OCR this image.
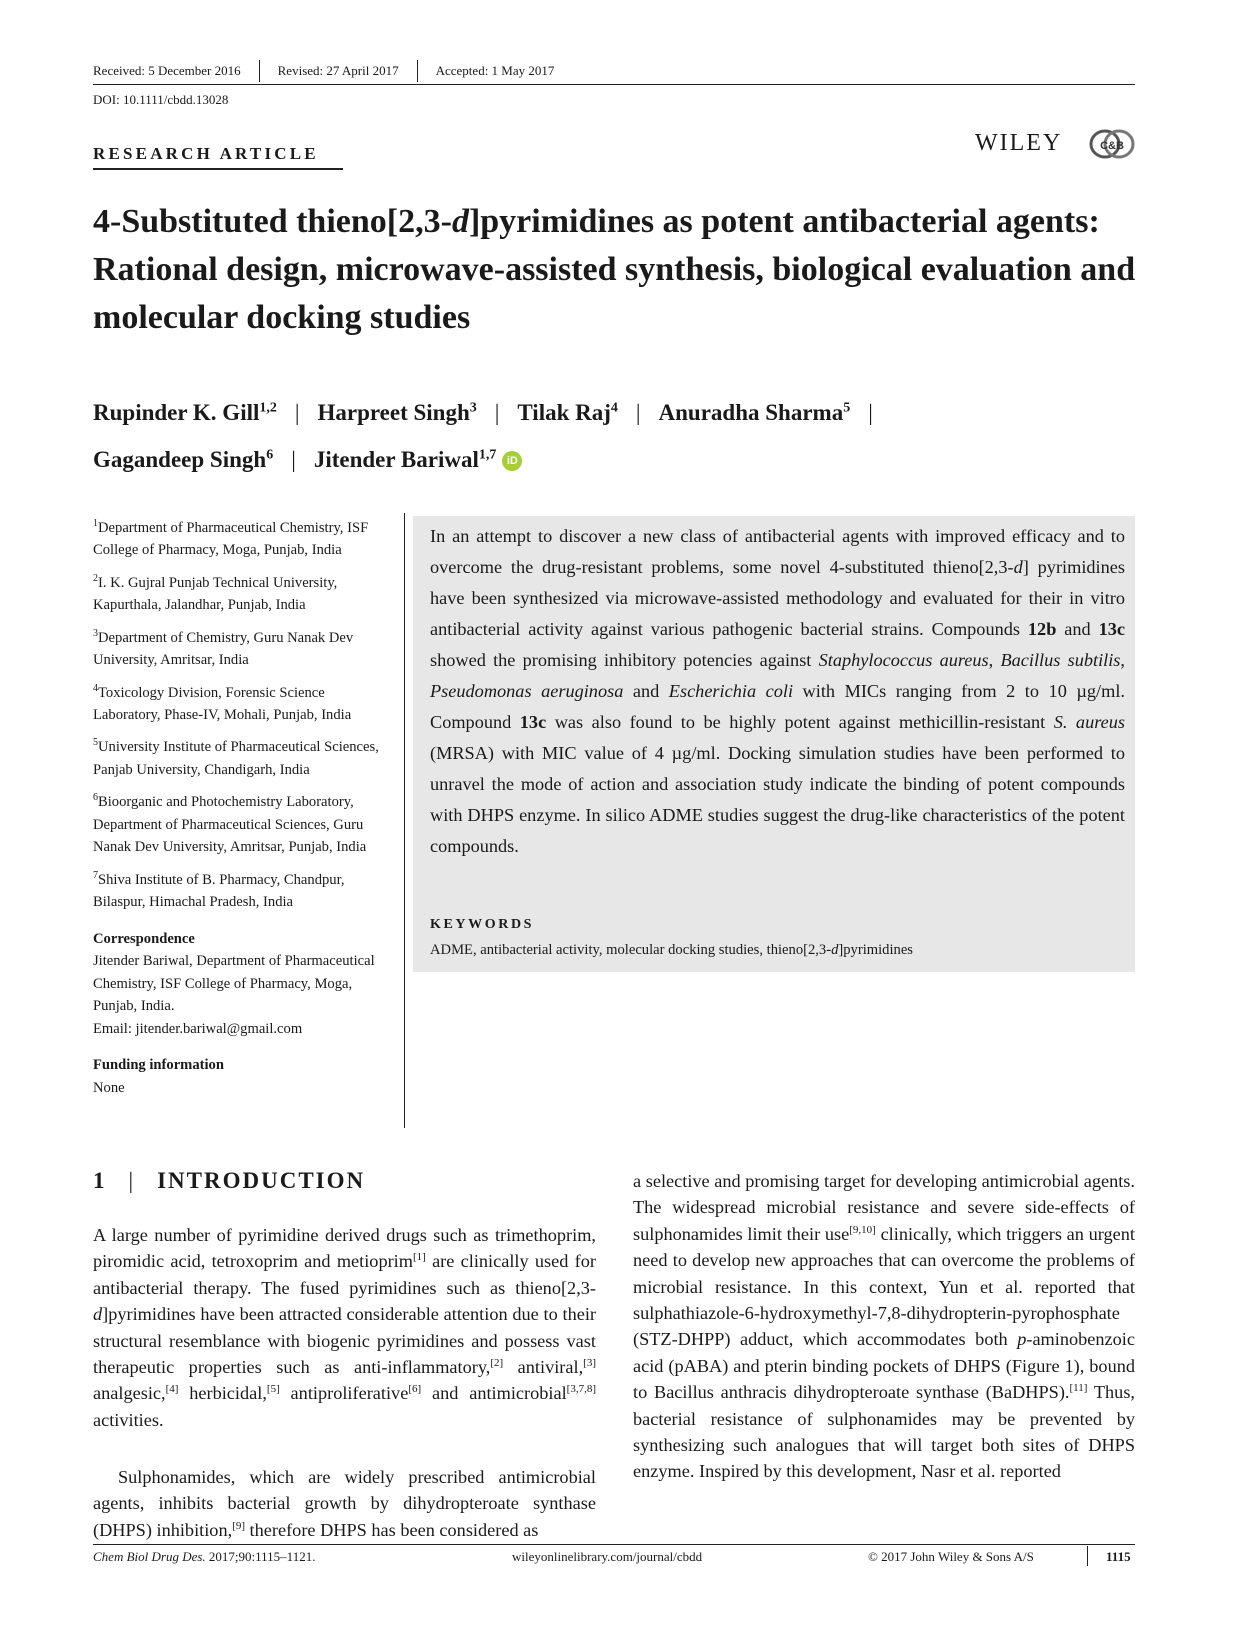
Received: 5 December 2016	Revised: 27 April 2017	Accepted: 1 May 2017
DOI: 10.1111/cbdd.13028
RESEARCH ARTICLE	WILEY	C&B
4-Substituted thieno[2,3-d]pyrimidines as potent antibacterial agents: Rational design, microwave-assisted synthesis, biological evaluation and molecular docking studies
Rupinder K. Gill$^{1,2}$ | Harpreet Singh$^3$ | Tilak Raj$^4$ | Anuradha Sharma$^5$ |
Gagandeep Singh$^6$ | Jitender Bariwal$^{1,7}$ iD
$^1$Department of Pharmaceutical Chemistry, ISF College of Pharmacy, Moga, Punjab, India
$^2$I. K. Gujral Punjab Technical University, Kapurthala, Jalandhar, Punjab, India
$^3$Department of Chemistry, Guru Nanak Dev University, Amritsar, India
$^4$Toxicology Division, Forensic Science Laboratory, Phase-IV, Mohali, Punjab, India
$^5$University Institute of Pharmaceutical Sciences, Panjab University, Chandigarh, India
$^6$Bioorganic and Photochemistry Laboratory, Department of Pharmaceutical Sciences, Guru Nanak Dev University, Amritsar, Punjab, India
$^7$Shiva Institute of B. Pharmacy, Chandpur, Bilaspur, Himachal Pradesh, India
Correspondence
Jitender Bariwal, Department of Pharmaceutical Chemistry, ISF College of Pharmacy, Moga, Punjab, India.
Email: jitender.bariwal@gmail.com
Funding information
None
In an attempt to discover a new class of antibacterial agents with improved efficacy and to overcome the drug-resistant problems, some novel 4-substituted thieno[2,3-d] pyrimidines have been synthesized via microwave-assisted methodology and evaluated for their in vitro antibacterial activity against various pathogenic bacterial strains. Compounds 12b and 13c showed the promising inhibitory potencies against Staphylococcus aureus, Bacillus subtilis, Pseudomonas aeruginosa and Escherichia coli with MICs ranging from 2 to 10 µg/ml. Compound 13c was also found to be highly potent against methicillin-resistant S. aureus (MRSA) with MIC value of 4 µg/ml. Docking simulation studies have been performed to unravel the mode of action and association study indicate the binding of potent compounds with DHPS enzyme. In silico ADME studies suggest the drug-like characteristics of the potent compounds.
KEYWORDS
ADME, antibacterial activity, molecular docking studies, thieno[2,3-d]pyrimidines
1 | INTRODUCTION
A large number of pyrimidine derived drugs such as trimethoprim, piromidic acid, tetroxoprim and metioprim[1] are clinically used for antibacterial therapy. The fused pyrimidines such as thieno[2,3-d]pyrimidines have been attracted considerable attention due to their structural resemblance with biogenic pyrimidines and possess vast therapeutic properties such as anti-inflammatory,[2] antiviral,[3] analgesic,[4] herbicidal,[5] antiproliferative[6] and antimicrobial[3,7,8] activities.
Sulphonamides, which are widely prescribed antimicrobial agents, inhibits bacterial growth by dihydropteroate synthase (DHPS) inhibition,[9] therefore DHPS has been considered as
a selective and promising target for developing antimicrobial agents. The widespread microbial resistance and severe side-effects of sulphonamides limit their use[9,10] clinically, which triggers an urgent need to develop new approaches that can overcome the problems of microbial resistance. In this context, Yun et al. reported that sulphathiazole-6-hydroxymethyl-7,8-dihydropterin-pyrophosphate (STZ-DHPP) adduct, which accommodates both p-aminobenzoic acid (pABA) and pterin binding pockets of DHPS (Figure 1), bound to Bacillus anthracis dihydropteroate synthase (BaDHPS).[11] Thus, bacterial resistance of sulphonamides may be prevented by synthesizing such analogues that will target both sites of DHPS enzyme. Inspired by this development, Nasr et al. reported
Chem Biol Drug Des. 2017;90:1115–1121.	wileyonlinelibrary.com/journal/cbdd	© 2017 John Wiley & Sons A/S	1115
